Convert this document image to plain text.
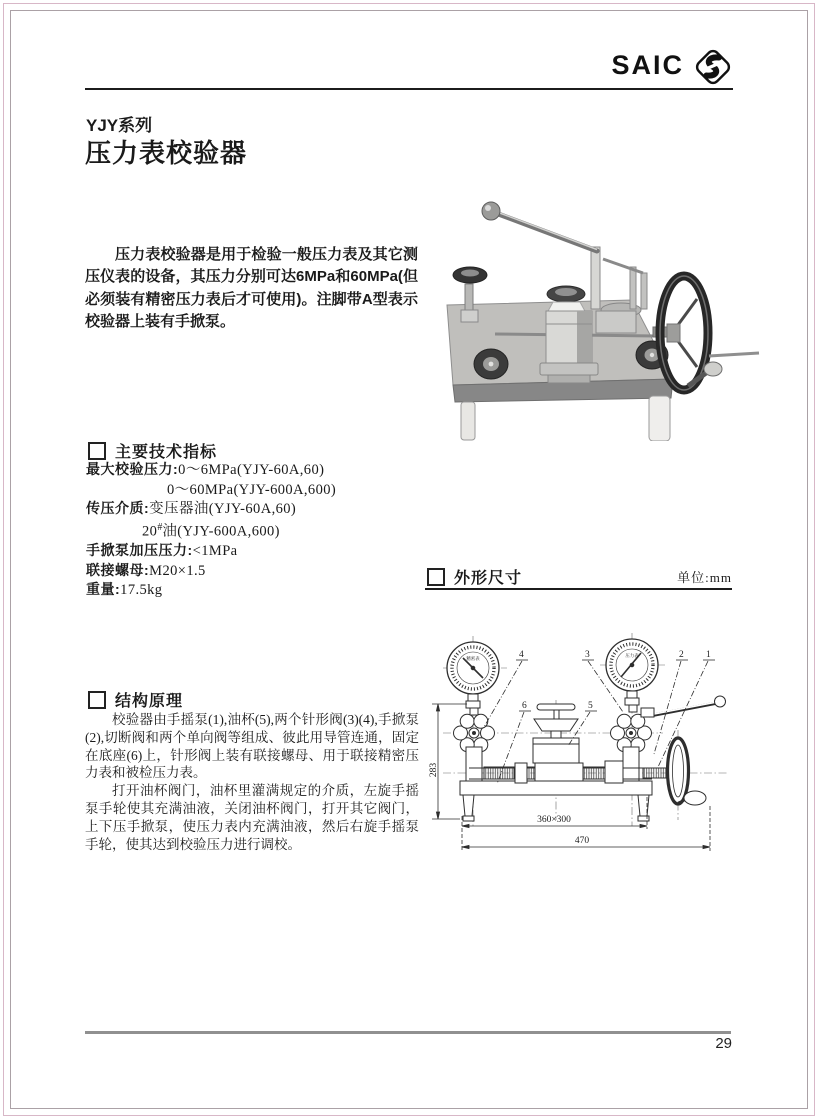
SAIC
YJY系列
压力表校验器

压力表校验器是用于检验一般压力表及其它测压仪表的设备，其压力分别可达6MPa和60MPa(但必须装有精密压力表后才可使用)。注脚带A型表示校验器上装有手掀泵。

主要技术指标
最大校验压力:0～6MPa(YJY-60A,60)
0～60MPa(YJY-600A,600)
传压介质:变压器油(YJY-60A,60)
20#油(YJY-600A,600)
手掀泵加压压力:<1MPa
联接螺母:M20×1.5
重量:17.5kg
外形尺寸	单位:mm
4	3	2 1
6	5
283
360×300
470
精密表
压力表
结构原理

校验器由手摇泵(1),油杯(5),两个针形阀(3)(4),手掀泵(2),切断阀和两个单向阀等组成、彼此用导管连通，固定在底座(6)上，针形阀上装有联接螺母、用于联接精密压力表和被检压力表。

打开油杯阀门，油杯里灌满规定的介质，左旋手摇泵手轮使其充满油液，关闭油杯阀门，打开其它阀门，上下压手掀泵，使压力表内充满油液，然后右旋手摇泵手轮，使其达到校验压力进行调校。

29
